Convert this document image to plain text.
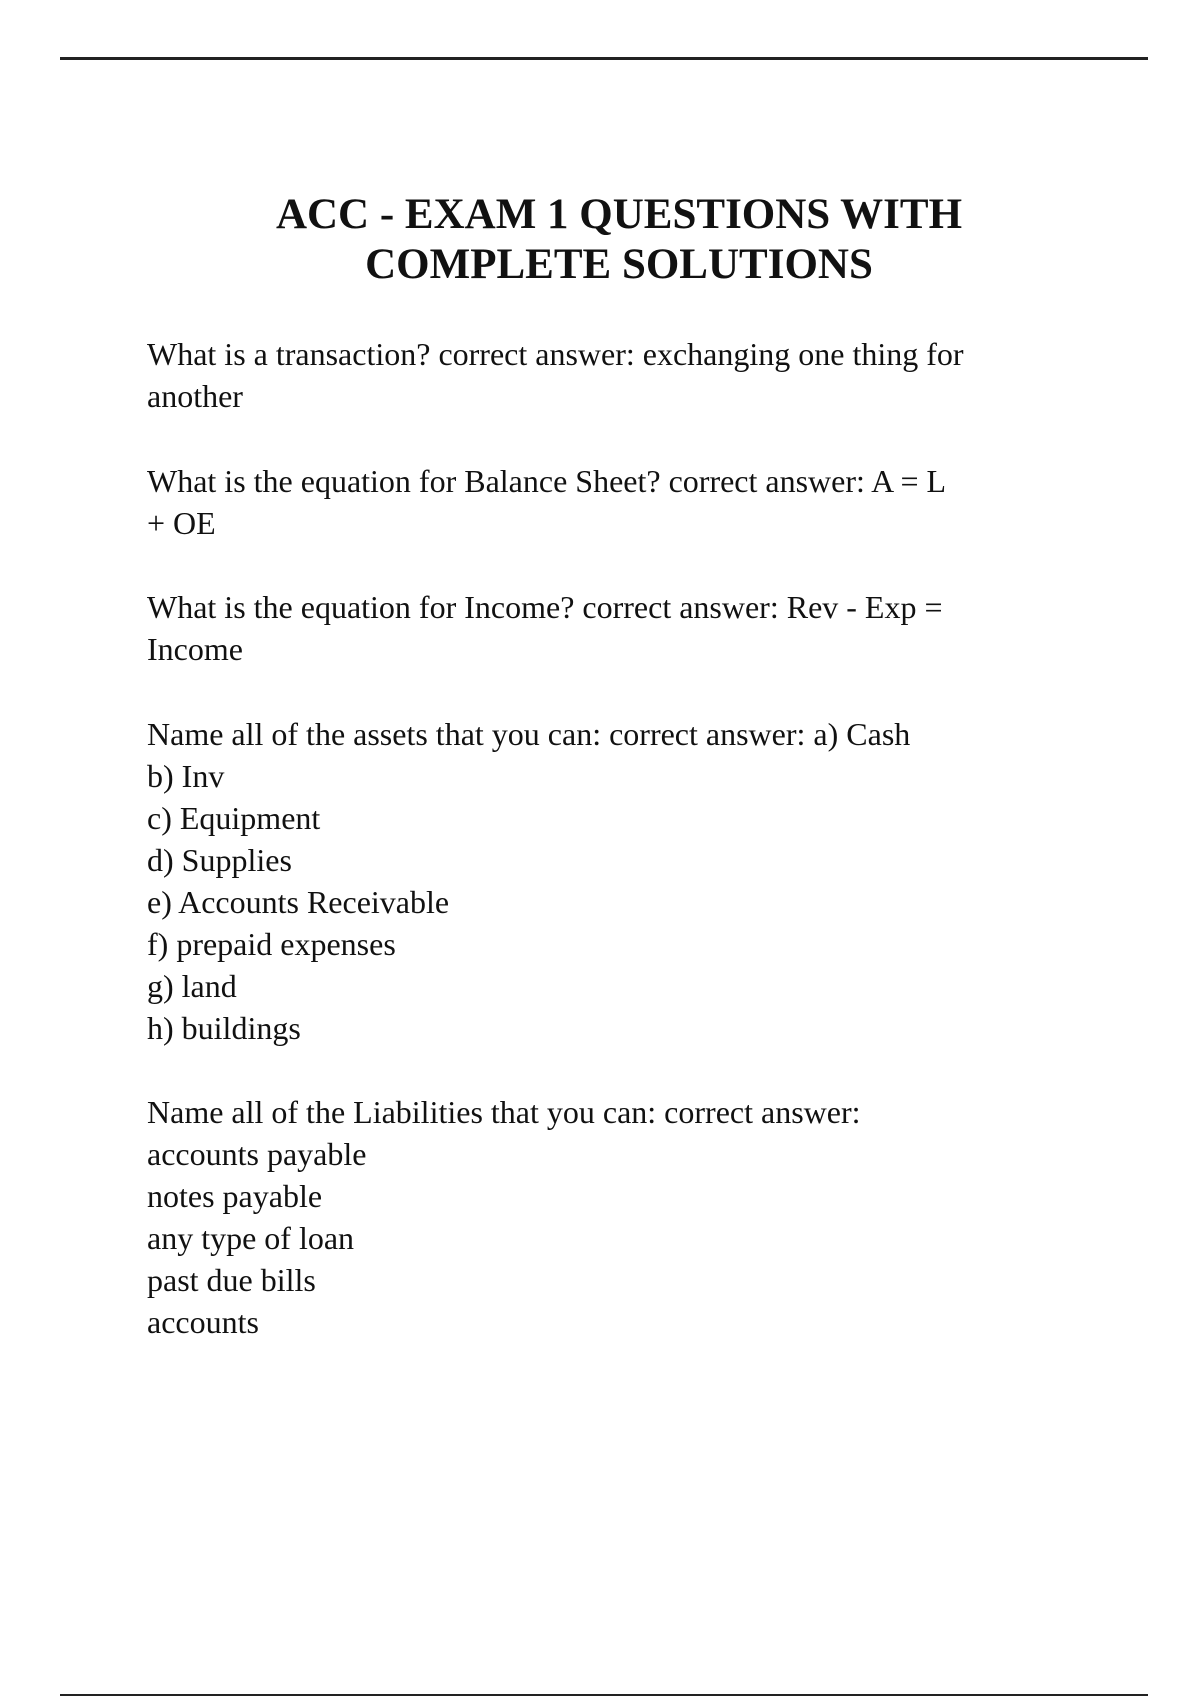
ACC - EXAM 1 QUESTIONS WITH
COMPLETE SOLUTIONS

What is a transaction? correct answer: exchanging one thing for
another

What is the equation for Balance Sheet? correct answer: A = L
+ OE

What is the equation for Income? correct answer: Rev - Exp =
Income

Name all of the assets that you can: correct answer: a) Cash
b) Inv
c) Equipment
d) Supplies
e) Accounts Receivable
f) prepaid expenses
g) land
h) buildings

Name all of the Liabilities that you can: correct answer:
accounts payable
notes payable
any type of loan
past due bills
accounts
